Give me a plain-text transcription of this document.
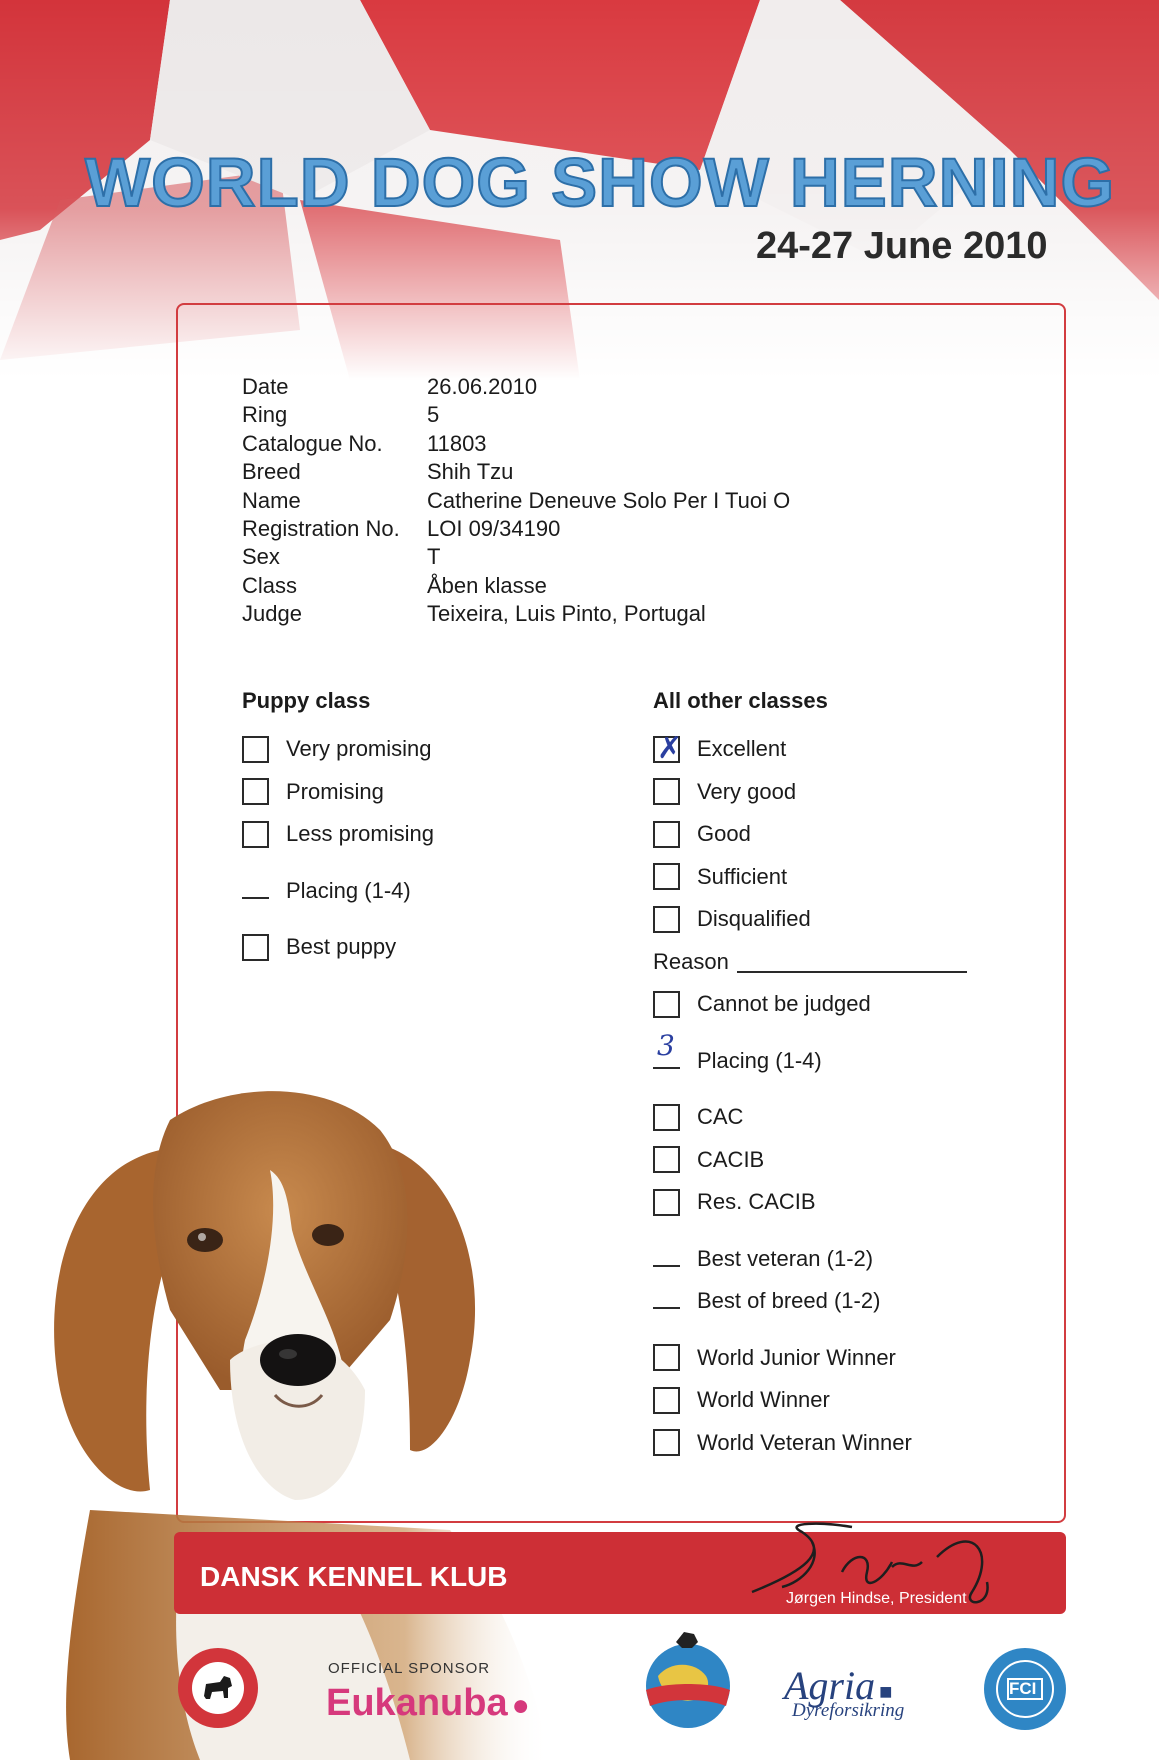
WORLD DOG SHOW HERNING
24-27 June 2010
Date	26.06.2010
Ring	5
Catalogue No.	11803
Breed	Shih Tzu
Name	Catherine Deneuve Solo Per I Tuoi O
Registration No.	LOI 09/34190
Sex	T
Class	Åben klasse
Judge	Teixeira, Luis Pinto, Portugal
Puppy class
Very promising
Promising
Less promising
Placing (1-4)
Best puppy
All other classes
✗
Excellent
Very good
Good
Sufficient
Disqualified
Reason
Cannot be judged
3 Placing (1-4)
CAC
CACIB
Res. CACIB
Best veteran (1-2)
Best of breed (1-2)
World Junior Winner
World Winner
World Veteran Winner
DANSK KENNEL KLUB
Jørgen Hindse, President
OFFICIAL SPONSOR
Eukanuba ●	Agria ■
Dyreforsikring
FCI
